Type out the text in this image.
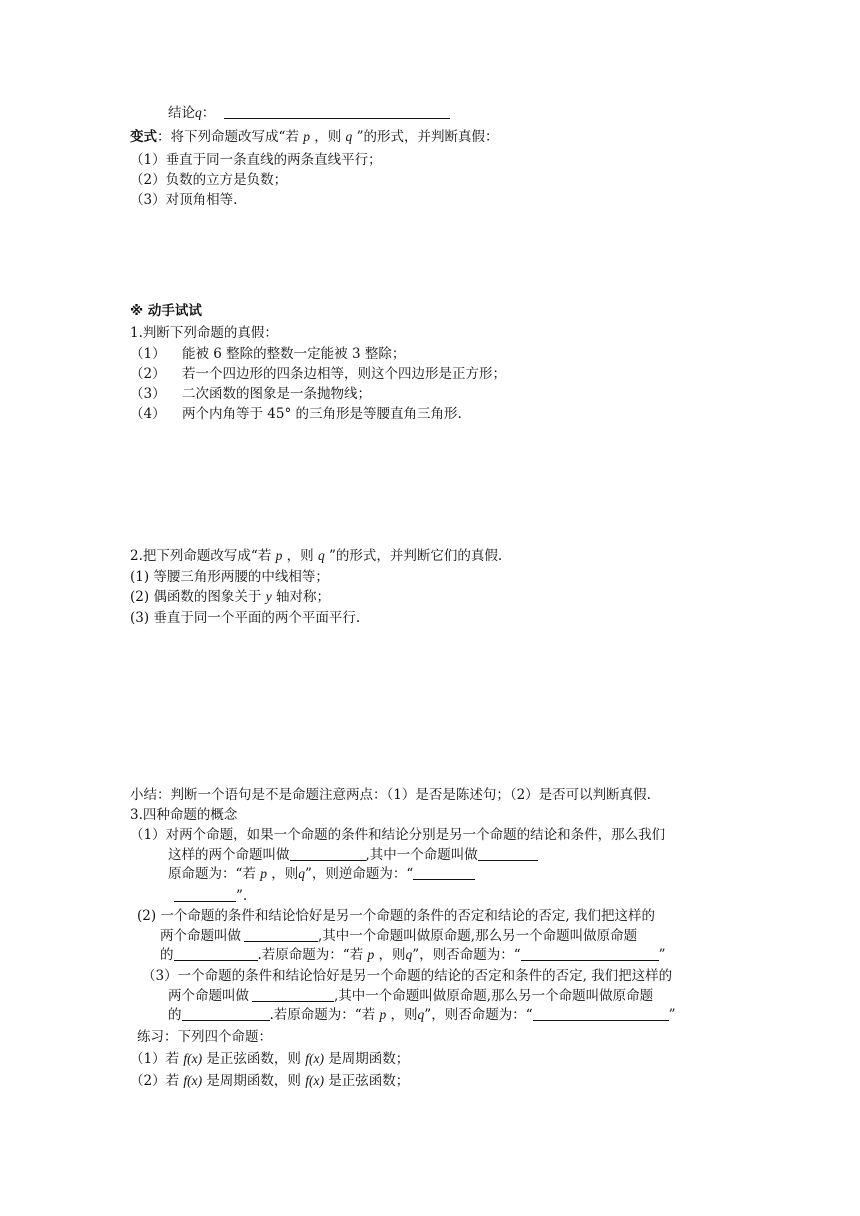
结论q：
变式：将下列命题改写成“若 p ，则 q ”的形式，并判断真假：
（1）垂直于同一条直线的两条直线平行；
（2）负数的立方是负数；
（3）对顶角相等.
※ 动手试试
1.判断下列命题的真假：
（1） 能被 6 整除的整数一定能被 3 整除；
（2） 若一个四边形的四条边相等，则这个四边形是正方形；
（3） 二次函数的图象是一条抛物线；
（4） 两个内角等于 45° 的三角形是等腰直角三角形.
2.把下列命题改写成“若 p ，则 q ”的形式，并判断它们的真假.
(1) 等腰三角形两腰的中线相等；
(2) 偶函数的图象关于 y 轴对称；
(3) 垂直于同一个平面的两个平面平行.
小结：判断一个语句是不是命题注意两点：（1）是否是陈述句；（2）是否可以判断真假.
3.四种命题的概念
（1）对两个命题，如果一个命题的条件和结论分别是另一个命题的结论和条件，那么我们
这样的两个命题叫做	,其中一个命题叫做
原命题为：“若 p ，则q”，则逆命题为：“
”.
(2) 一个命题的条件和结论恰好是另一个命题的条件的否定和结论的否定, 我们把这样的
两个命题叫做	,其中一个命题叫做原命题,那么另一个命题叫做原命题
的	.若原命题为：“若 p ，则q”，则否命题为：“	”
（3）一个命题的条件和结论恰好是另一个命题的结论的否定和条件的否定, 我们把这样的
两个命题叫做	,其中一个命题叫做原命题,那么另一个命题叫做原命题
的	.若原命题为：“若 p ，则q”，则否命题为：“	”
练习：下列四个命题：
（1）若 f(x) 是正弦函数，则 f(x) 是周期函数；
（2）若 f(x) 是周期函数，则 f(x) 是正弦函数；
